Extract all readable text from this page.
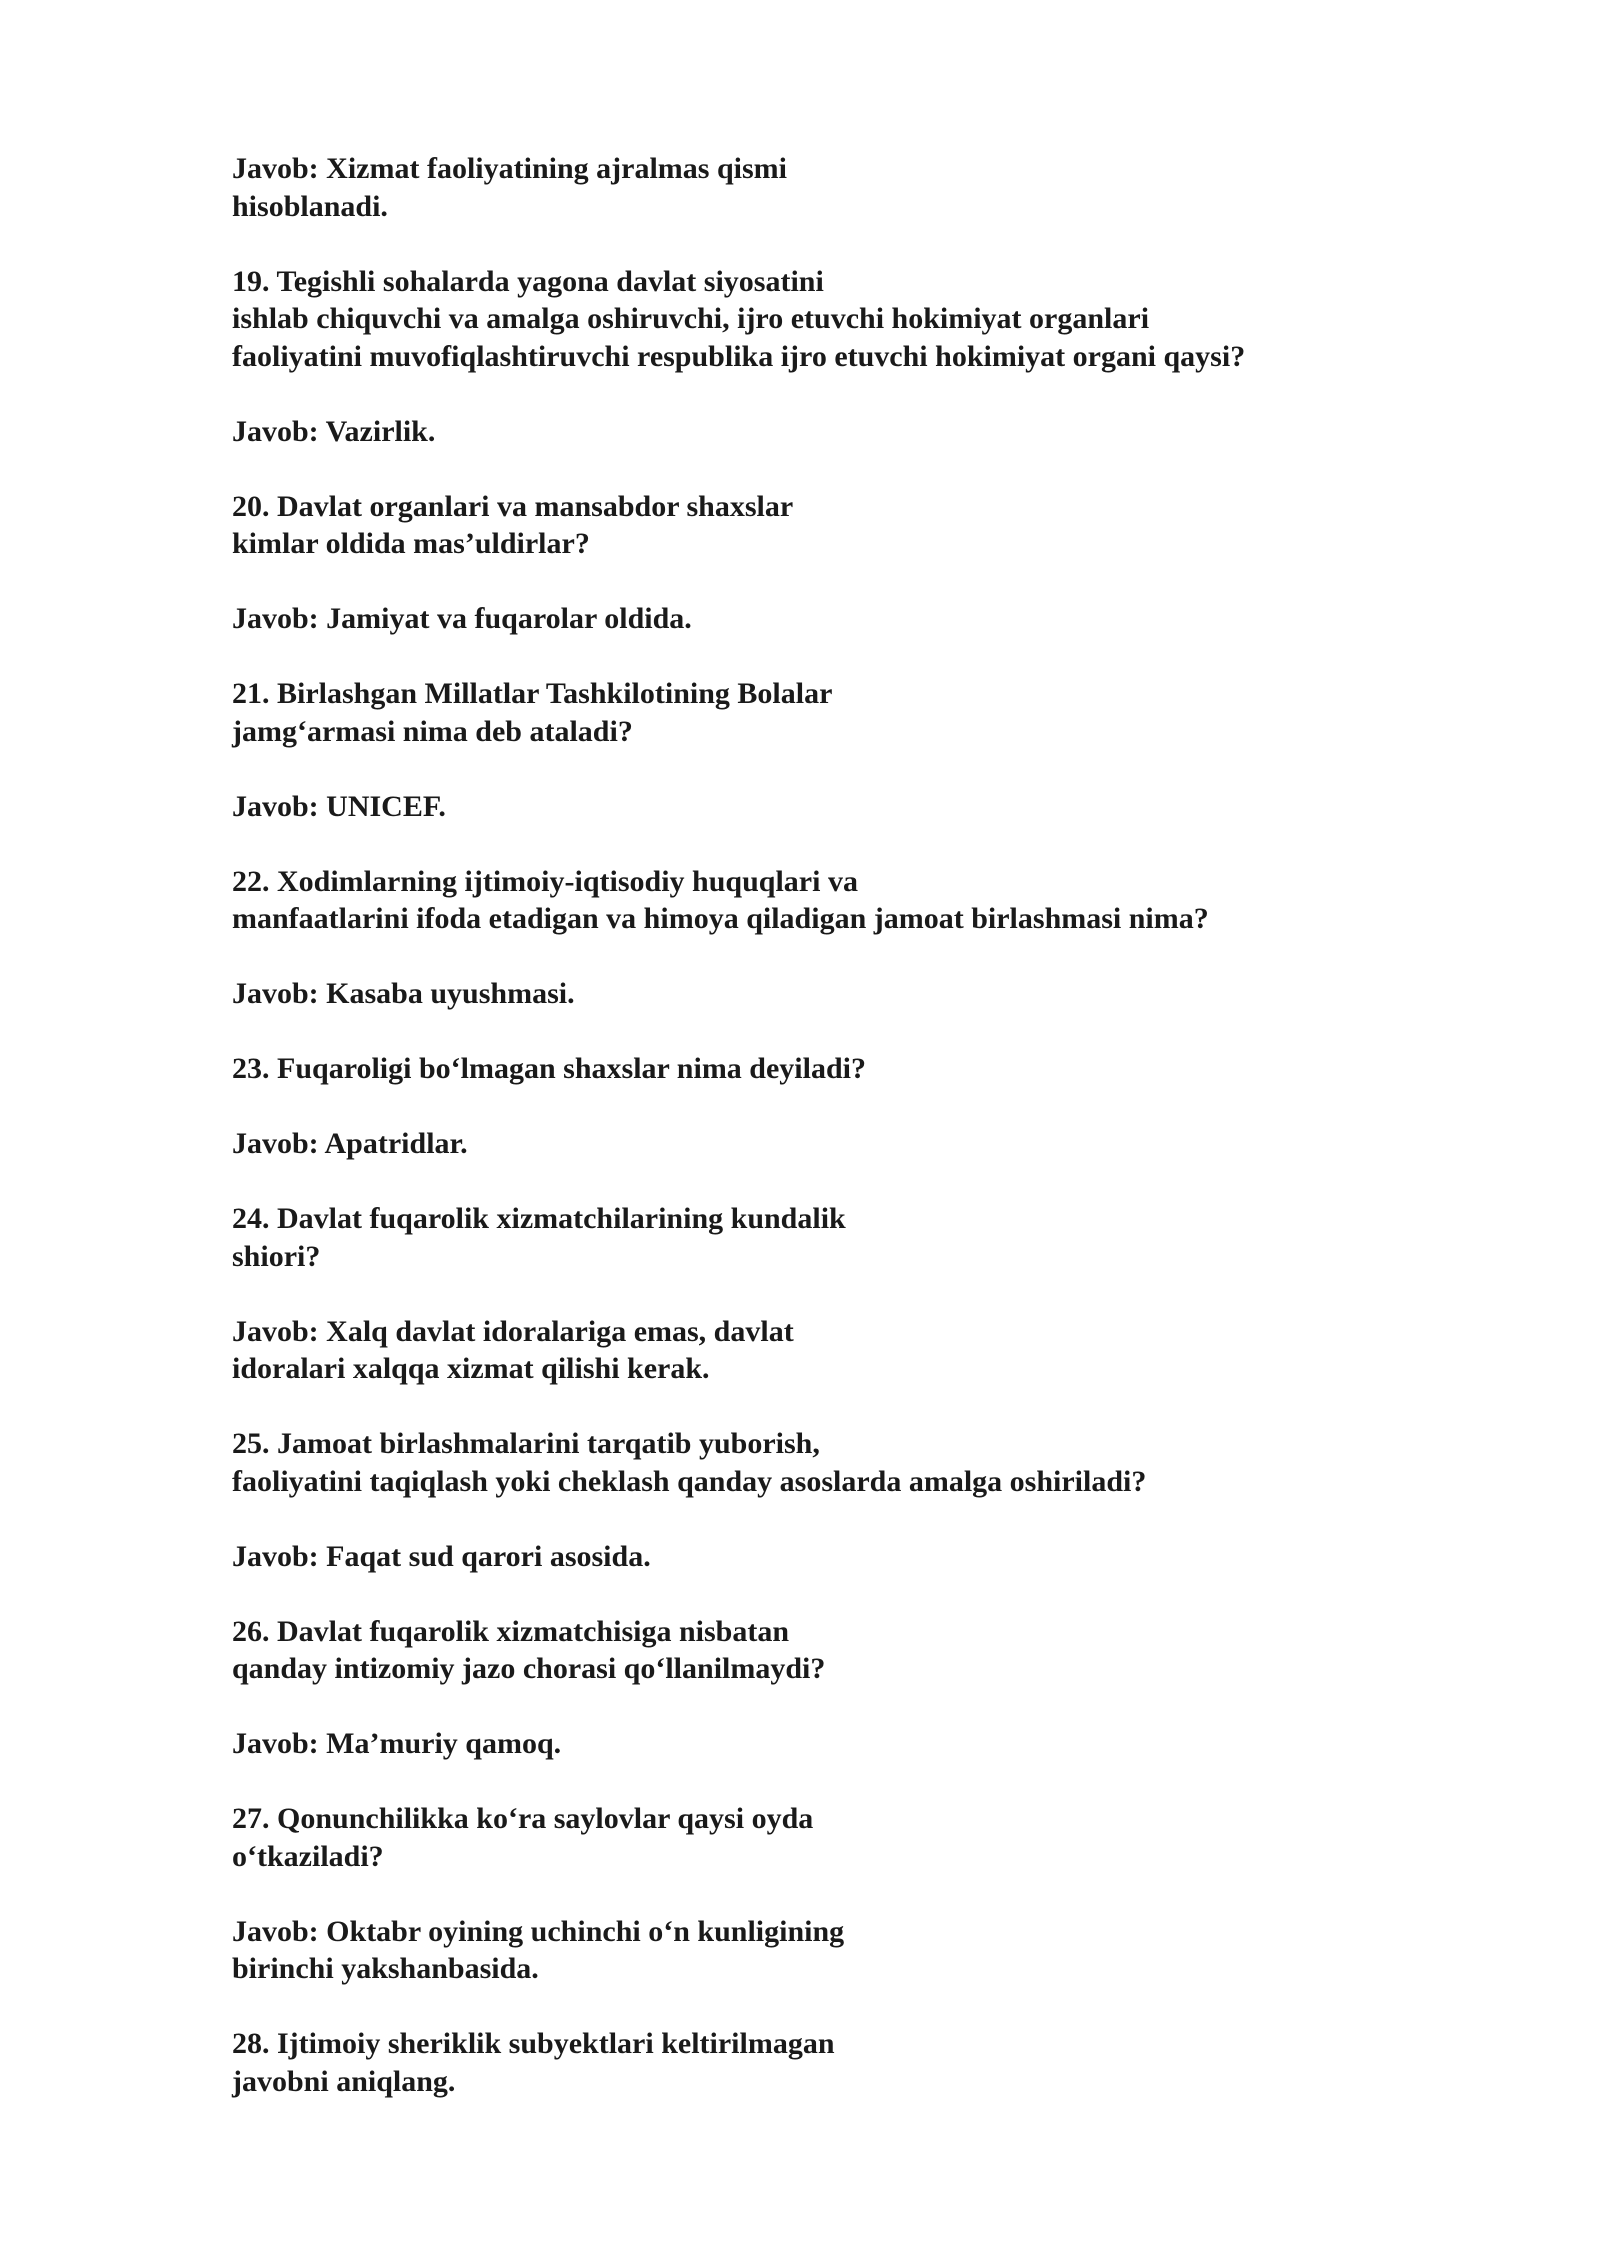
Javob: Xizmat faoliyatining ajralmas qismi
hisoblanadi.
19. Tegishli sohalarda yagona davlat siyosatini
ishlab chiquvchi va amalga oshiruvchi, ijro etuvchi hokimiyat organlari
faoliyatini muvofiqlashtiruvchi respublika ijro etuvchi hokimiyat organi qaysi?
Javob: Vazirlik.
20. Davlat organlari va mansabdor shaxslar
kimlar oldida mas’uldirlar?
Javob: Jamiyat va fuqarolar oldida.
21. Birlashgan Millatlar Tashkilotining Bolalar
jamg‘armasi nima deb ataladi?
Javob: UNICEF.
22. Xodimlarning ijtimoiy-iqtisodiy huquqlari va
manfaatlarini ifoda etadigan va himoya qiladigan jamoat birlashmasi nima?
Javob: Kasaba uyushmasi.
23. Fuqaroligi bo‘lmagan shaxslar nima deyiladi?
Javob: Apatridlar.
24. Davlat fuqarolik xizmatchilarining kundalik
shiori?
Javob: Xalq davlat idoralariga emas, davlat
idoralari xalqqa xizmat qilishi kerak.
25. Jamoat birlashmalarini tarqatib yuborish,
faoliyatini taqiqlash yoki cheklash qanday asoslarda amalga oshiriladi?
Javob: Faqat sud qarori asosida.
26. Davlat fuqarolik xizmatchisiga nisbatan
qanday intizomiy jazo chorasi qo‘llanilmaydi?
Javob: Ma’muriy qamoq.
27. Qonunchilikka ko‘ra saylovlar qaysi oyda
o‘tkaziladi?
Javob: Oktabr oyining uchinchi o‘n kunligining
birinchi yakshanbasida.
28. Ijtimoiy sheriklik subyektlari keltirilmagan
javobni aniqlang.
